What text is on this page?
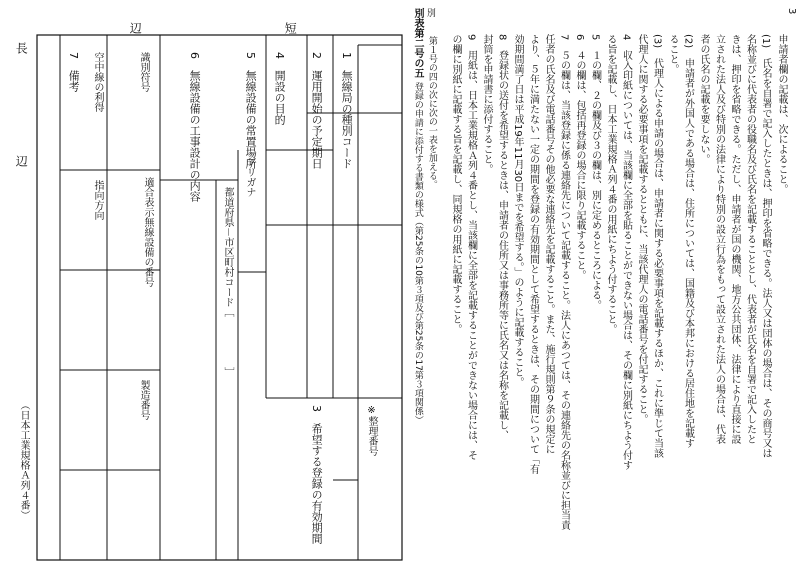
辺	短
長
辺	1　無線局の種別コード
2　運用開始の予定期日
3　希望する登録の有効期間
4　開設の目的
5　無線設備の常置場所
フリガナ
都道府県－市区町村コード［　　　　　］
6　無線設備の工事設計の内容
識別符号
適合表示無線設備の番号
製造番号
指向方向
7　備考 空中線の利得
※整理番号
（日本工業規格Ａ列４番）
3
申請者欄の記載は、次によること。
(1)　氏名を自署で記入したときは、押印を省略できる。法人又は団体の場合は、その商号又は
名称並びに代表者の役職名及び氏名を記載することとし、代表者が氏名を自署で記入したと
きは、押印を省略できる。ただし、申請者が国の機関、地方公共団体、法律により直接に設
立された法人及び特別の法律により特別の設立行為をもって設立された法人の場合は、代表
者の氏名の記載を要しない。
(2)　申請者が外国人である場合は、住所については、国籍及び本邦における居住地を記載す
ること。
(3)　代理人による申請の場合は、申請者に関する必要事項を記載するほか、これに準じて当該
代理人に関する必要事項を記載するとともに、当該代理人の電話番号を付記すること。
4　収入印紙については、当該欄に全部を貼ることができない場合は、その欄に別紙にちよう付す
る旨を記載し、日本工業規格Ａ列４番の用紙にちよう付すること。
5　１の欄、２の欄及び３の欄は、別に定めるところによる。
6　４の欄は、包括再登録の場合に限り記載すること。
7　５の欄は、当該登録に係る連絡先について記載すること。法人にあつては、その連絡先の名称並びに担当責
任者の氏名及び電話番号その他必要な連絡先を記載すること。また、施行規則第９条の規定に
より、５年に満たない一定の期間を登録の有効期間として希望するときは、その期間について「有
効期間満了日は平成19年11月30日までを希望する。」のように記載すること。
8　登録状の送付を希望するときは、申請者の住所又は事務所等に氏名又は名称を記載し、
封筒を申請書に添付すること。
9　用紙は、日本工業規格Ａ列４番とし、当該欄に全部を記載することができない場合には、そ
の欄に別紙に記載する旨を記載し、同規格の用紙に記載すること。
別
別表第二号の五
登録の申請に添付する書類の様式（第25条の10第３項及び第25条の17第３項関係） 第１号の四の次に次の一表を加える。
